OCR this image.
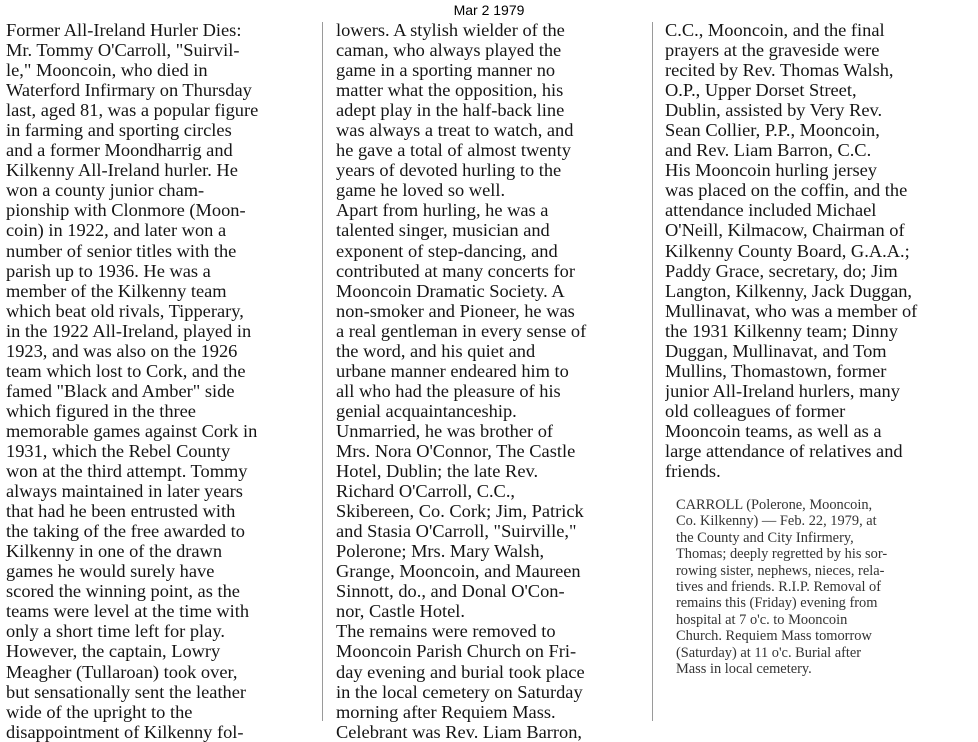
Mar 2 1979
Former All-Ireland Hurler Dies:
Mr. Tommy O'Carroll, "Suirvil-
le," Mooncoin, who died in
Waterford Infirmary on Thursday
last, aged 81, was a popular figure
in farming and sporting circles
and a former Moondharrig and
Kilkenny All-Ireland hurler. He
won a county junior cham-
pionship with Clonmore (Moon-
coin) in 1922, and later won a
number of senior titles with the
parish up to 1936. He was a
member of the Kilkenny team
which beat old rivals, Tipperary,
in the 1922 All-Ireland, played in
1923, and was also on the 1926
team which lost to Cork, and the
famed "Black and Amber" side
which figured in the three
memorable games against Cork in
1931, which the Rebel County
won at the third attempt. Tommy
always maintained in later years
that had he been entrusted with
the taking of the free awarded to
Kilkenny in one of the drawn
games he would surely have
scored the winning point, as the
teams were level at the time with
only a short time left for play.
However, the captain, Lowry
Meagher (Tullaroan) took over,
but sensationally sent the leather
wide of the upright to the
disappointment of Kilkenny fol-
lowers. A stylish wielder of the
caman, who always played the
game in a sporting manner no
matter what the opposition, his
adept play in the half-back line
was always a treat to watch, and
he gave a total of almost twenty
years of devoted hurling to the
game he loved so well.
Apart from hurling, he was a
talented singer, musician and
exponent of step-dancing, and
contributed at many concerts for
Mooncoin Dramatic Society. A
non-smoker and Pioneer, he was
a real gentleman in every sense of
the word, and his quiet and
urbane manner endeared him to
all who had the pleasure of his
genial acquaintanceship.
Unmarried, he was brother of
Mrs. Nora O'Connor, The Castle
Hotel, Dublin; the late Rev.
Richard O'Carroll, C.C.,
Skibereen, Co. Cork; Jim, Patrick
and Stasia O'Carroll, "Suirville,"
Polerone; Mrs. Mary Walsh,
Grange, Mooncoin, and Maureen
Sinnott, do., and Donal O'Con-
nor, Castle Hotel.
The remains were removed to
Mooncoin Parish Church on Fri-
day evening and burial took place
in the local cemetery on Saturday
morning after Requiem Mass.
Celebrant was Rev. Liam Barron,
C.C., Mooncoin, and the final
prayers at the graveside were
recited by Rev. Thomas Walsh,
O.P., Upper Dorset Street,
Dublin, assisted by Very Rev.
Sean Collier, P.P., Mooncoin,
and Rev. Liam Barron, C.C.
His Mooncoin hurling jersey
was placed on the coffin, and the
attendance included Michael
O'Neill, Kilmacow, Chairman of
Kilkenny County Board, G.A.A.;
Paddy Grace, secretary, do; Jim
Langton, Kilkenny, Jack Duggan,
Mullinavat, who was a member of
the 1931 Kilkenny team; Dinny
Duggan, Mullinavat, and Tom
Mullins, Thomastown, former
junior All-Ireland hurlers, many
old colleagues of former
Mooncoin teams, as well as a
large attendance of relatives and
friends.
CARROLL (Polerone, Mooncoin,
Co. Kilkenny) — Feb. 22, 1979, at
the County and City Infirmery,
Thomas; deeply regretted by his sor-
rowing sister, nephews, nieces, rela-
tives and friends. R.I.P. Removal of
remains this (Friday) evening from
hospital at 7 o'c. to Mooncoin
Church. Requiem Mass tomorrow
(Saturday) at 11 o'c. Burial after
Mass in local cemetery.
